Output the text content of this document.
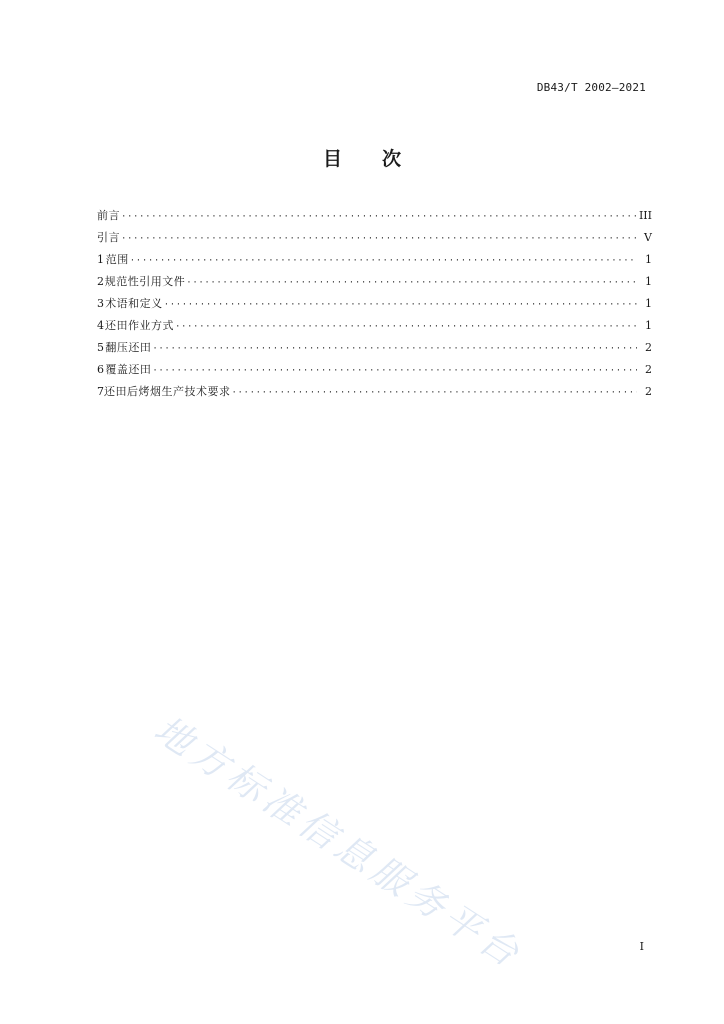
DB43/T 2002—2021
目 次
前言 ·····	III
引言 ·····	V
1 范围 ·····	1
2 规范性引用文件 ·····	1
3 术语和定义 ·····	1
4 还田作业方式 ·····	1
5 翻压还田 ·····	2
6 覆盖还田 ·····	2
7 还田后烤烟生产技术要求 ·····	2
地方标准信息服务平台	I
